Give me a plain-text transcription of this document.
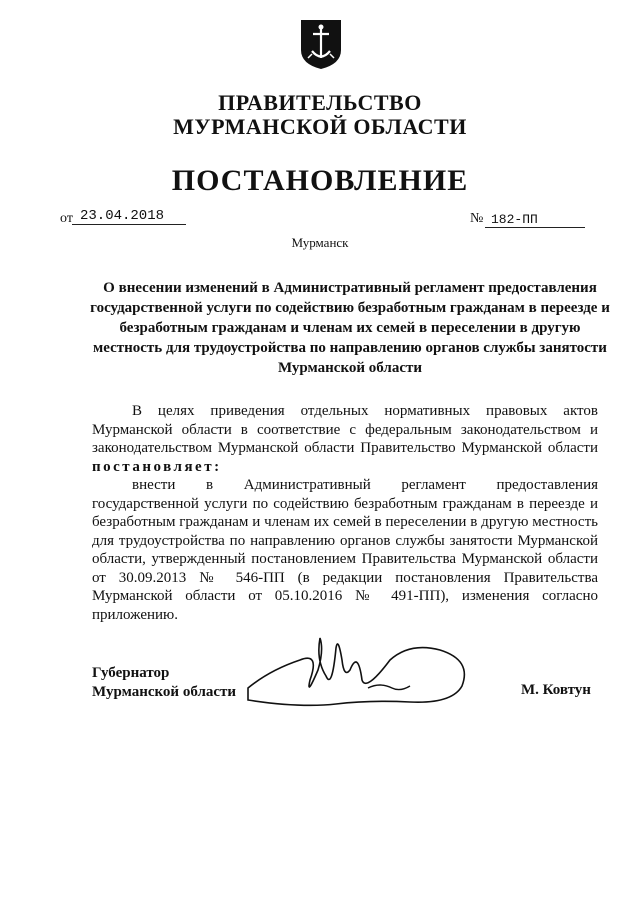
ПРАВИТЕЛЬСТВО
МУРМАНСКОЙ ОБЛАСТИ
ПОСТАНОВЛЕНИЕ
от 23.04.2018	№ 182-ПП
Мурманск
О внесении изменений в Административный регламент предоставления государственной услуги по содействию безработным гражданам в переезде и безработным гражданам и членам их семей в переселении в другую местность для трудоустройства по направлению органов службы занятости Мурманской области

В целях приведения отдельных нормативных правовых актов Мурманской области в соответствие с федеральным законодательством и законодательством Мурманской области Правительство Мурманской области постановляет:

внести в Административный регламент предоставления государственной услуги по содействию безработным гражданам в переезде и безработным гражданам и членам их семей в переселении в другую местность для трудоустройства по направлению органов службы занятости Мурманской области, утвержденный постановлением Правительства Мурманской области от 30.09.2013 № 546-ПП (в редакции постановления Правительства Мурманской области от 05.10.2016 № 491-ПП), изменения согласно приложению.

Губернатор
Мурманской области	М. Ковтун
